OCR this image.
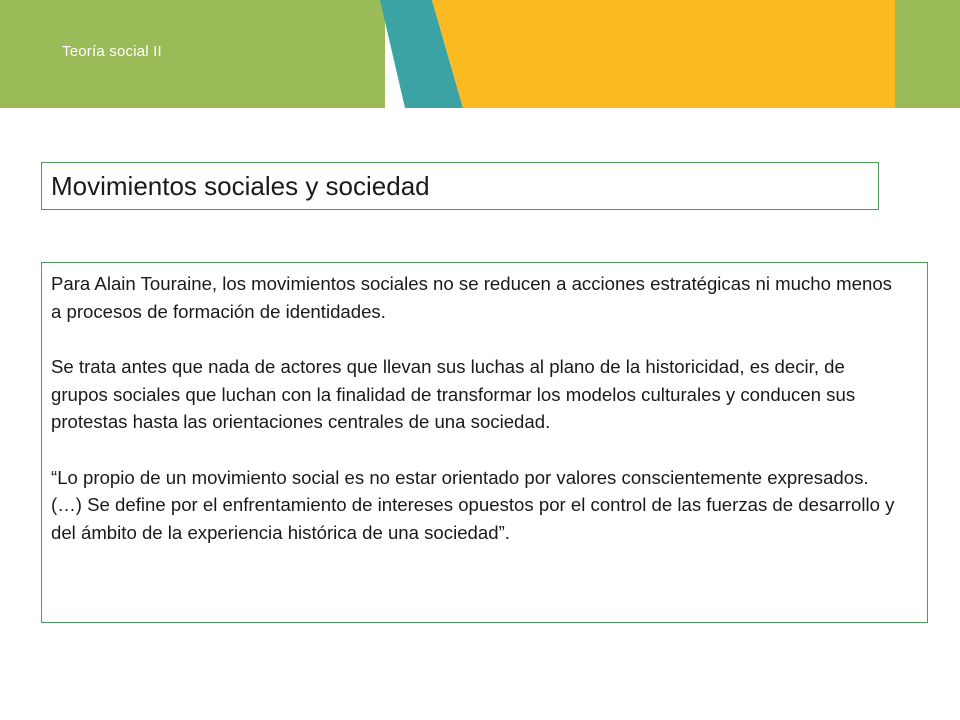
Teoría social II
Movimientos sociales y sociedad

Para Alain Touraine, los movimientos sociales no se reducen a acciones estratégicas ni mucho menos a procesos de formación de identidades.

Se trata antes que nada de actores que llevan sus luchas al plano de la historicidad, es decir, de grupos sociales que luchan con la finalidad de transformar los modelos culturales y conducen sus protestas hasta las orientaciones centrales de una sociedad.

“Lo propio de un movimiento social es no estar orientado por valores conscientemente expresados. (…) Se define por el enfrentamiento de intereses opuestos por el control de las fuerzas de desarrollo y del ámbito de la experiencia histórica de una sociedad”.
